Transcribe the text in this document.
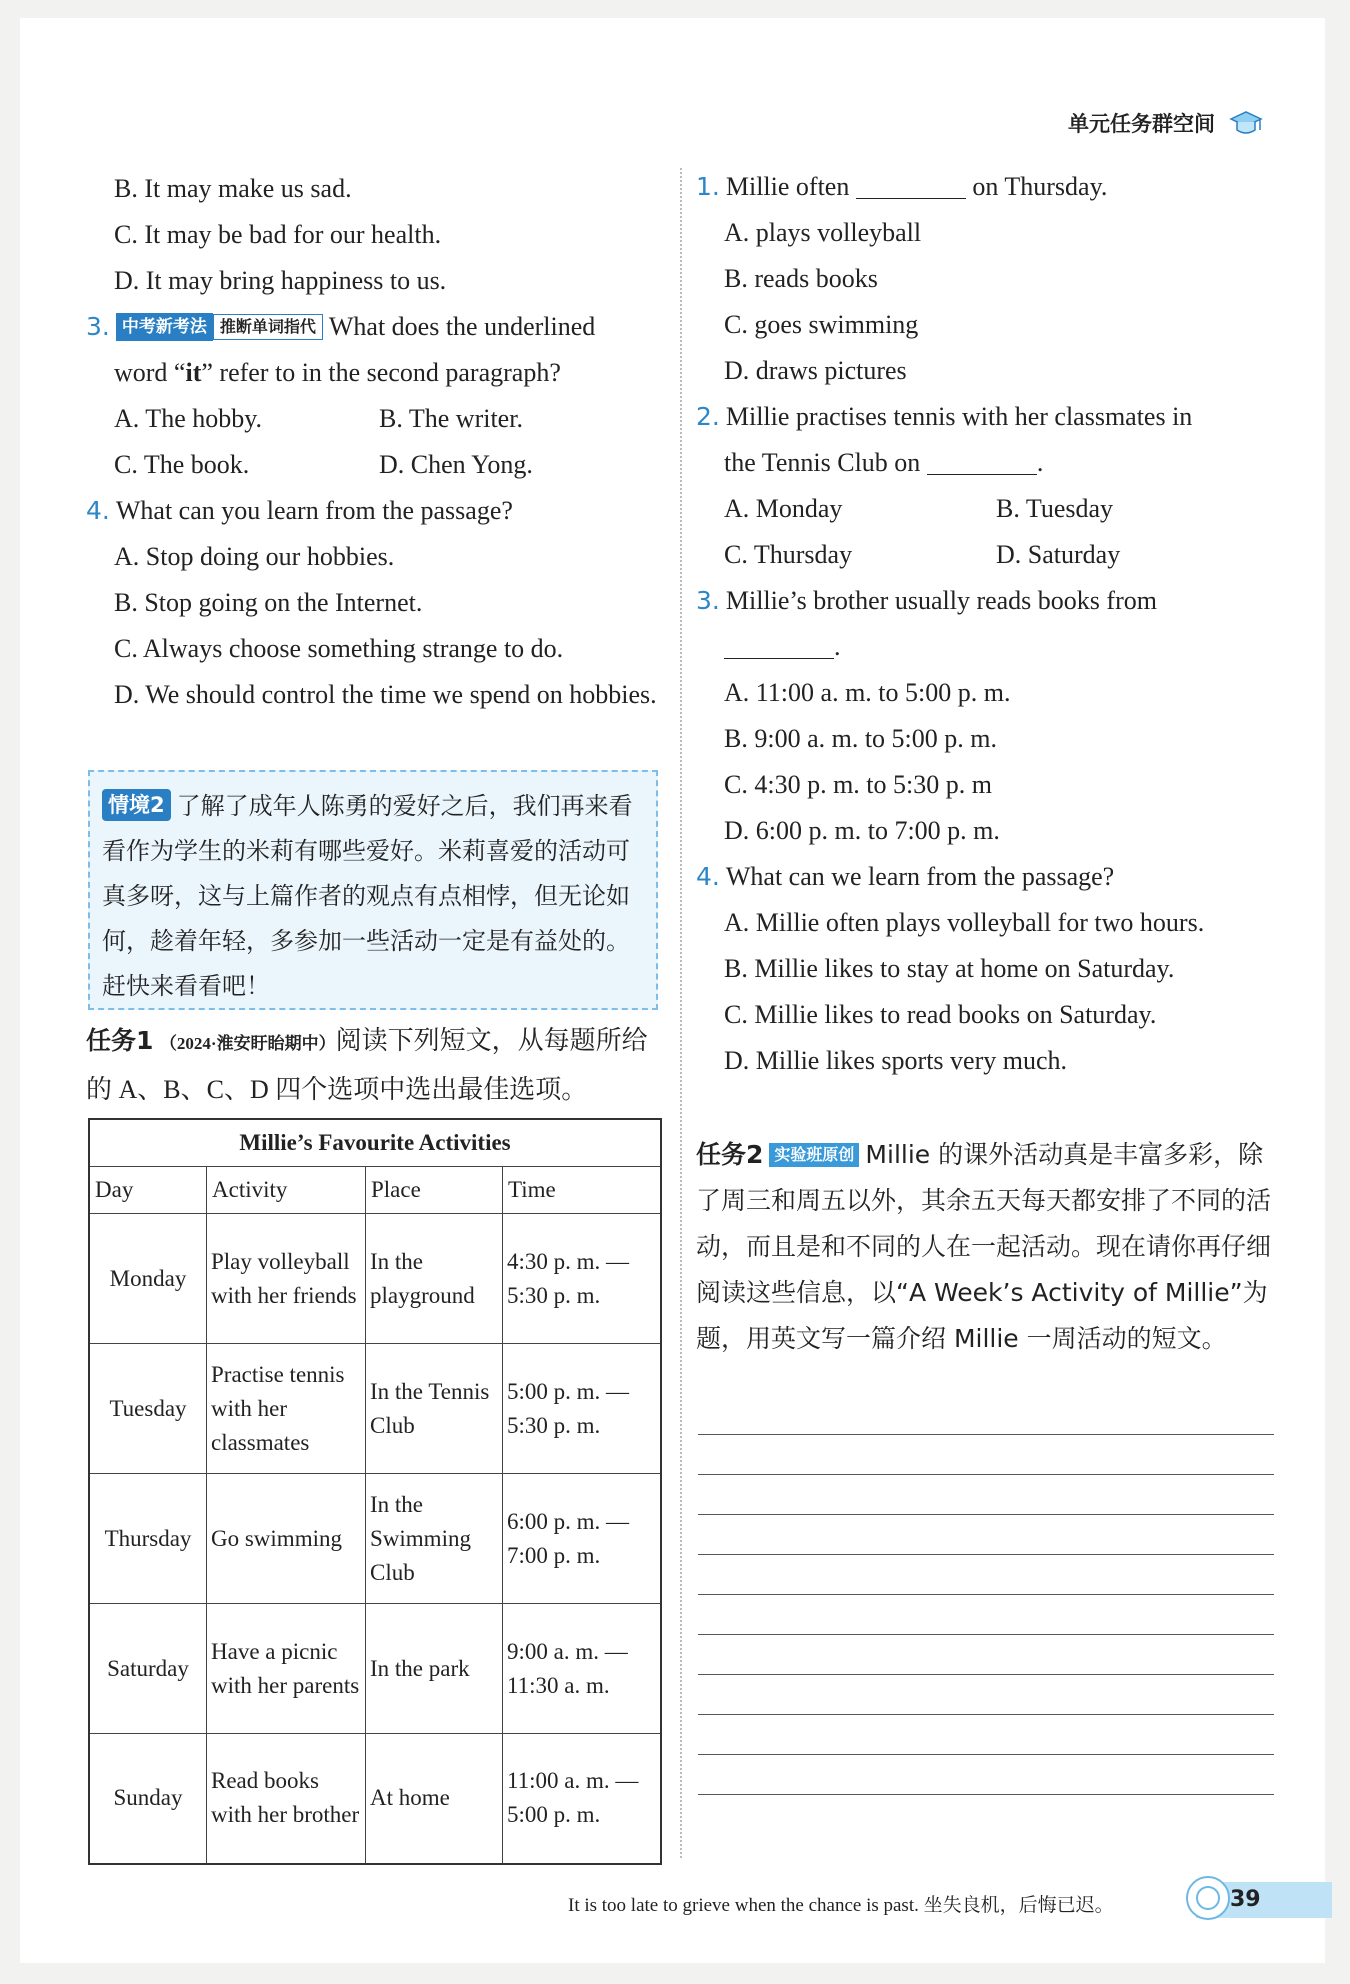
单元任务群空间
B. It may make us sad.
C. It may be bad for our health.
D. It may bring happiness to us.
3. 中考新考法 推断单词指代 What does the underlined
word “it” refer to in the second paragraph?
A. The hobby.	B. The writer.
C. The book.	D. Chen Yong.
4. What can you learn from the passage?
A. Stop doing our hobbies.
B. Stop going on the Internet.
C. Always choose something strange to do.
D. We should control the time we spend on hobbies.
情境2 了解了成年人陈勇的爱好之后，我们再来看看作为学生的米莉有哪些爱好。米莉喜爱的活动可真多呀，这与上篇作者的观点有点相悖，但无论如何，趁着年轻，多参加一些活动一定是有益处的。赶快来看看吧！
任务1 （2024·淮安盱眙期中）阅读下列短文，从每题所给的 A、B、C、D 四个选项中选出最佳选项。
Millie’s Favourite Activities			
Day	Activity	Place	Time
Monday	Play volleyball with her friends	In the playground	4:30 p. m. —5:30 p. m.
Tuesday	Practise tennis with her classmates	In the Tennis Club	5:00 p. m. —5:30 p. m.
Thursday	Go swimming	In the Swimming Club	6:00 p. m. —7:00 p. m.
Saturday	Have a picnic with her parents	In the park	9:00 a. m. —11:30 a. m.
Sunday	Read books with her brother	At home	11:00 a. m. —5:00 p. m.
1. Millie often	on Thursday.
A. plays volleyball
B. reads books
C. goes swimming
D. draws pictures
2. Millie practises tennis with her classmates in
the Tennis Club on	.
A. Monday	B. Tuesday
C. Thursday	D. Saturday
3. Millie’s brother usually reads books from
.
A. 11:00 a. m. to 5:00 p. m.
B. 9:00 a. m. to 5:00 p. m.
C. 4:30 p. m. to 5:30 p. m
D. 6:00 p. m. to 7:00 p. m.
4. What can we learn from the passage?
A. Millie often plays volleyball for two hours.
B. Millie likes to stay at home on Saturday.
C. Millie likes to read books on Saturday.
D. Millie likes sports very much.
任务2 实验班原创 Millie 的课外活动真是丰富多彩，除了周三和周五以外，其余五天每天都安排了不同的活动，而且是和不同的人在一起活动。现在请你再仔细阅读这些信息，以“A Week’s Activity of Millie”为题，用英文写一篇介绍 Millie 一周活动的短文。
It is too late to grieve when the chance is past. 坐失良机，后悔已迟。	39
